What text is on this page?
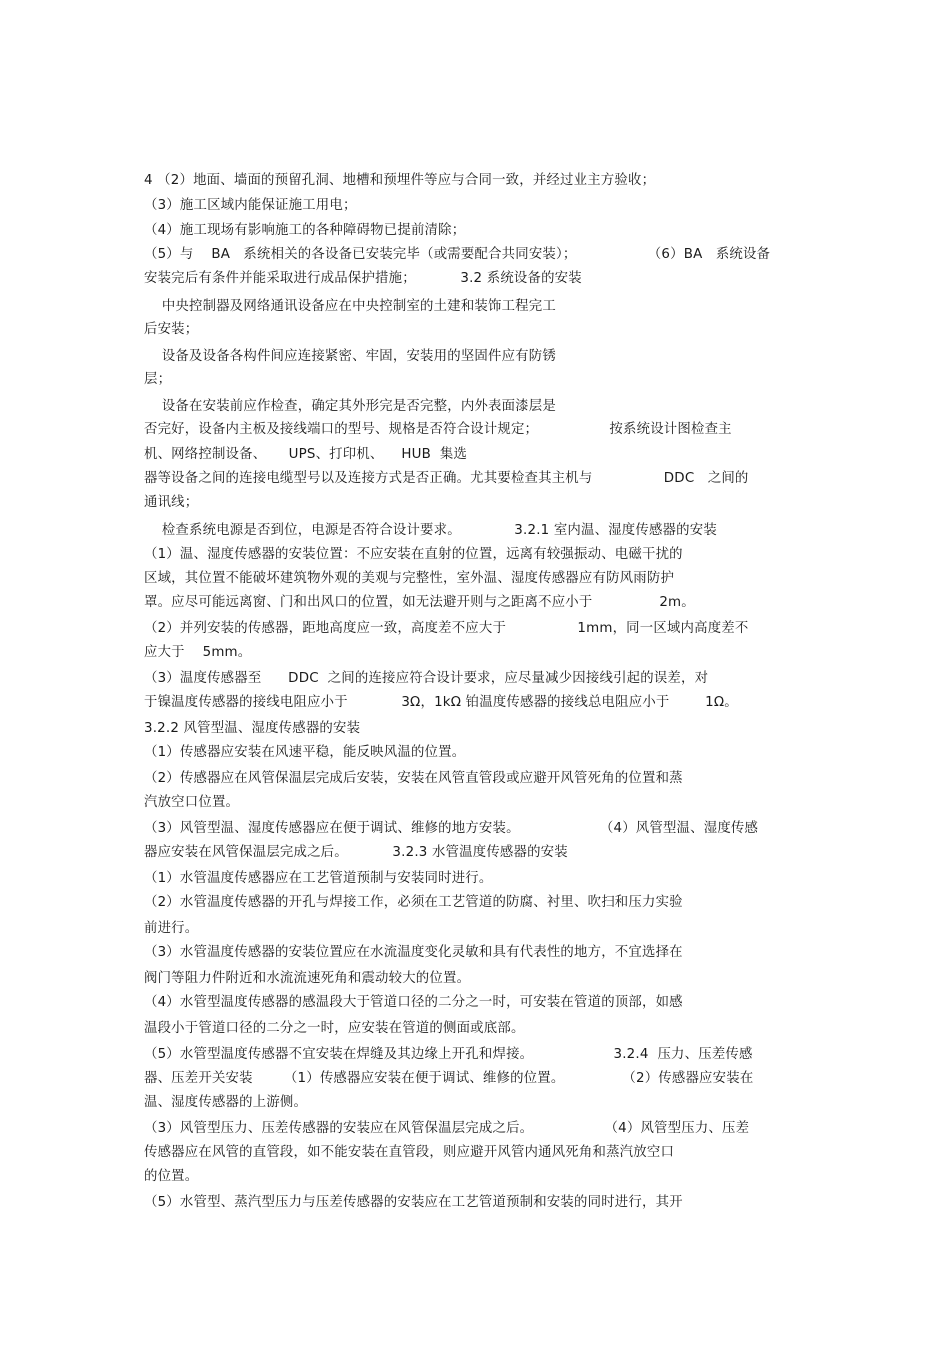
4 （2）地面、墙面的预留孔洞、地槽和预埋件等应与合同一致，并经过业主方验收；
（3）施工区域内能保证施工用电；
（4）施工现场有影响施工的各种障碍物已提前清除；
（5）与    BA   系统相关的各设备已安装完毕（或需要配合共同安装）；                （6）BA   系统设备
安装完后有条件并能采取进行成品保护措施；          3.2 系统设备的安装
中央控制器及网络通讯设备应在中央控制室的土建和装饰工程完工
后安装；
设备及设备各构件间应连接紧密、牢固，安装用的坚固件应有防锈
层；
设备在安装前应作检查，确定其外形完是否完整，内外表面漆层是
否完好，设备内主板及接线端口的型号、规格是否符合设计规定；                按系统设计图检查主
机、网络控制设备、     UPS、打印机、    HUB  集选
器等设备之间的连接电缆型号以及连接方式是否正确。尤其要检查其主机与                DDC   之间的
通讯线；
检查系统电源是否到位，电源是否符合设计要求。            3.2.1 室内温、湿度传感器的安装
（1）温、湿度传感器的安装位置：不应安装在直射的位置，远离有较强振动、电磁干扰的
区域，其位置不能破坏建筑物外观的美观与完整性，室外温、湿度传感器应有防风雨防护
罩。应尽可能远离窗、门和出风口的位置，如无法避开则与之距离不应小于               2m。
（2）并列安装的传感器，距地高度应一致，高度差不应大于                1mm，同一区域内高度差不
应大于    5mm。
（3）温度传感器至      DDC  之间的连接应符合设计要求，应尽量减少因接线引起的误差，对
于镍温度传感器的接线电阻应小于            3Ω，1kΩ 铂温度传感器的接线总电阻应小于        1Ω。
3.2.2 风管型温、湿度传感器的安装
（1）传感器应安装在风速平稳，能反映风温的位置。
（2）传感器应在风管保温层完成后安装，安装在风管直管段或应避开风管死角的位置和蒸
汽放空口位置。
（3）风管型温、湿度传感器应在便于调试、维修的地方安装。                  （4）风管型温、湿度传感
器应安装在风管保温层完成之后。          3.2.3 水管温度传感器的安装
（1）水管温度传感器应在工艺管道预制与安装同时进行。
（2）水管温度传感器的开孔与焊接工作，必须在工艺管道的防腐、衬里、吹扫和压力实验
前进行。
（3）水管温度传感器的安装位置应在水流温度变化灵敏和具有代表性的地方，不宜选择在
阀门等阻力件附近和水流流速死角和震动较大的位置。
（4）水管型温度传感器的感温段大于管道口径的二分之一时，可安装在管道的顶部，如感
温段小于管道口径的二分之一时，应安装在管道的侧面或底部。
（5）水管型温度传感器不宜安装在焊缝及其边缘上开孔和焊接。                  3.2.4  压力、压差传感
器、压差开关安装       （1）传感器应安装在便于调试、维修的位置。             （2）传感器应安装在
温、湿度传感器的上游侧。
（3）风管型压力、压差传感器的安装应在风管保温层完成之后。                （4）风管型压力、压差
传感器应在风管的直管段，如不能安装在直管段，则应避开风管内通风死角和蒸汽放空口
的位置。
（5）水管型、蒸汽型压力与压差传感器的安装应在工艺管道预制和安装的同时进行，其开
